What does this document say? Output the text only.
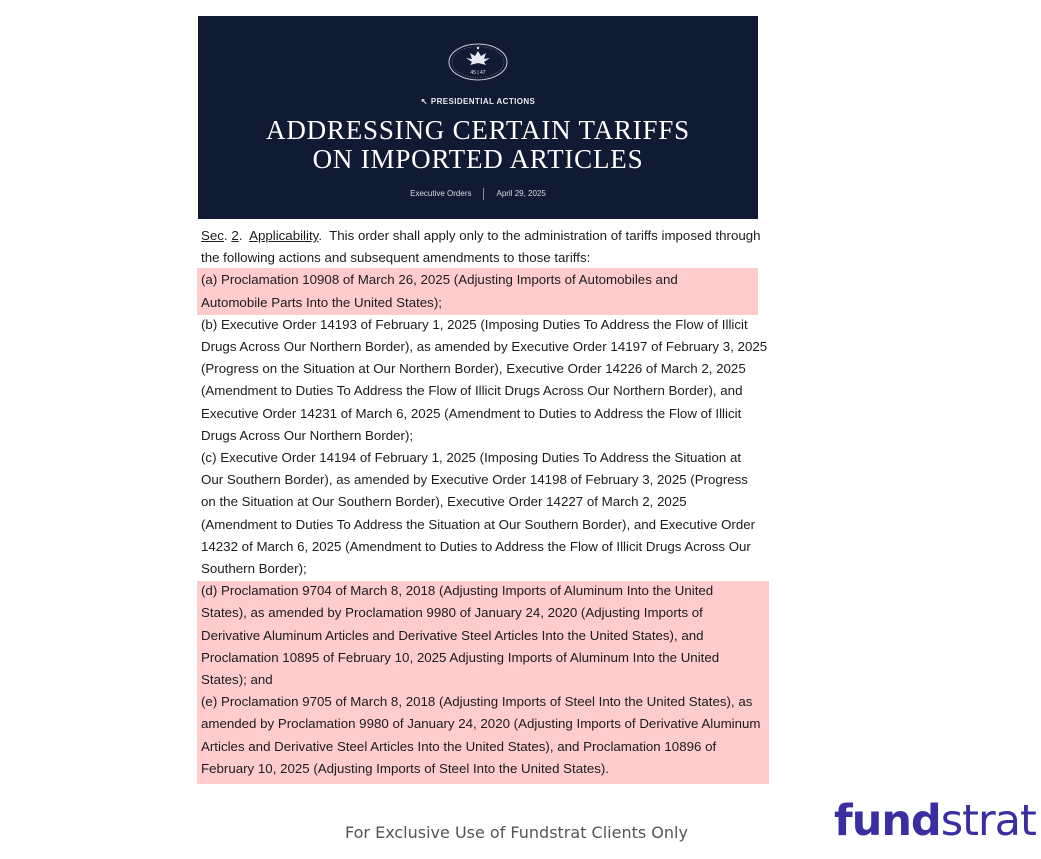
45 | 47
↖ PRESIDENTIAL ACTIONS
ADDRESSING CERTAIN TARIFFS
ON IMPORTED ARTICLES
Executive Orders	April 29, 2025

Sec. 2.  Applicability.  This order shall apply only to the administration of tariffs imposed through the following actions and subsequent amendments to those tariffs:

(a) Proclamation 10908 of March 26, 2025 (Adjusting Imports of Automobiles and Automobile Parts Into the United States);

(b) Executive Order 14193 of February 1, 2025 (Imposing Duties To Address the Flow of Illicit Drugs Across Our Northern Border), as amended by Executive Order 14197 of February 3, 2025 (Progress on the Situation at Our Northern Border), Executive Order 14226 of March 2, 2025 (Amendment to Duties To Address the Flow of Illicit Drugs Across Our Northern Border), and Executive Order 14231 of March 6, 2025 (Amendment to Duties to Address the Flow of Illicit Drugs Across Our Northern Border);

(c) Executive Order 14194 of February 1, 2025 (Imposing Duties To Address the Situation at Our Southern Border), as amended by Executive Order 14198 of February 3, 2025 (Progress on the Situation at Our Southern Border), Executive Order 14227 of March 2, 2025 (Amendment to Duties To Address the Situation at Our Southern Border), and Executive Order 14232 of March 6, 2025 (Amendment to Duties to Address the Flow of Illicit Drugs Across Our Southern Border);

(d) Proclamation 9704 of March 8, 2018 (Adjusting Imports of Aluminum Into the United States), as amended by Proclamation 9980 of January 24, 2020 (Adjusting Imports of Derivative Aluminum Articles and Derivative Steel Articles Into the United States), and Proclamation 10895 of February 10, 2025 Adjusting Imports of Aluminum Into the United States); and

(e) Proclamation 9705 of March 8, 2018 (Adjusting Imports of Steel Into the United States), as amended by Proclamation 9980 of January 24, 2020 (Adjusting Imports of Derivative Aluminum Articles and Derivative Steel Articles Into the United States), and Proclamation 10896 of February 10, 2025 (Adjusting Imports of Steel Into the United States).

For Exclusive Use of Fundstrat Clients Only	fundstrat
